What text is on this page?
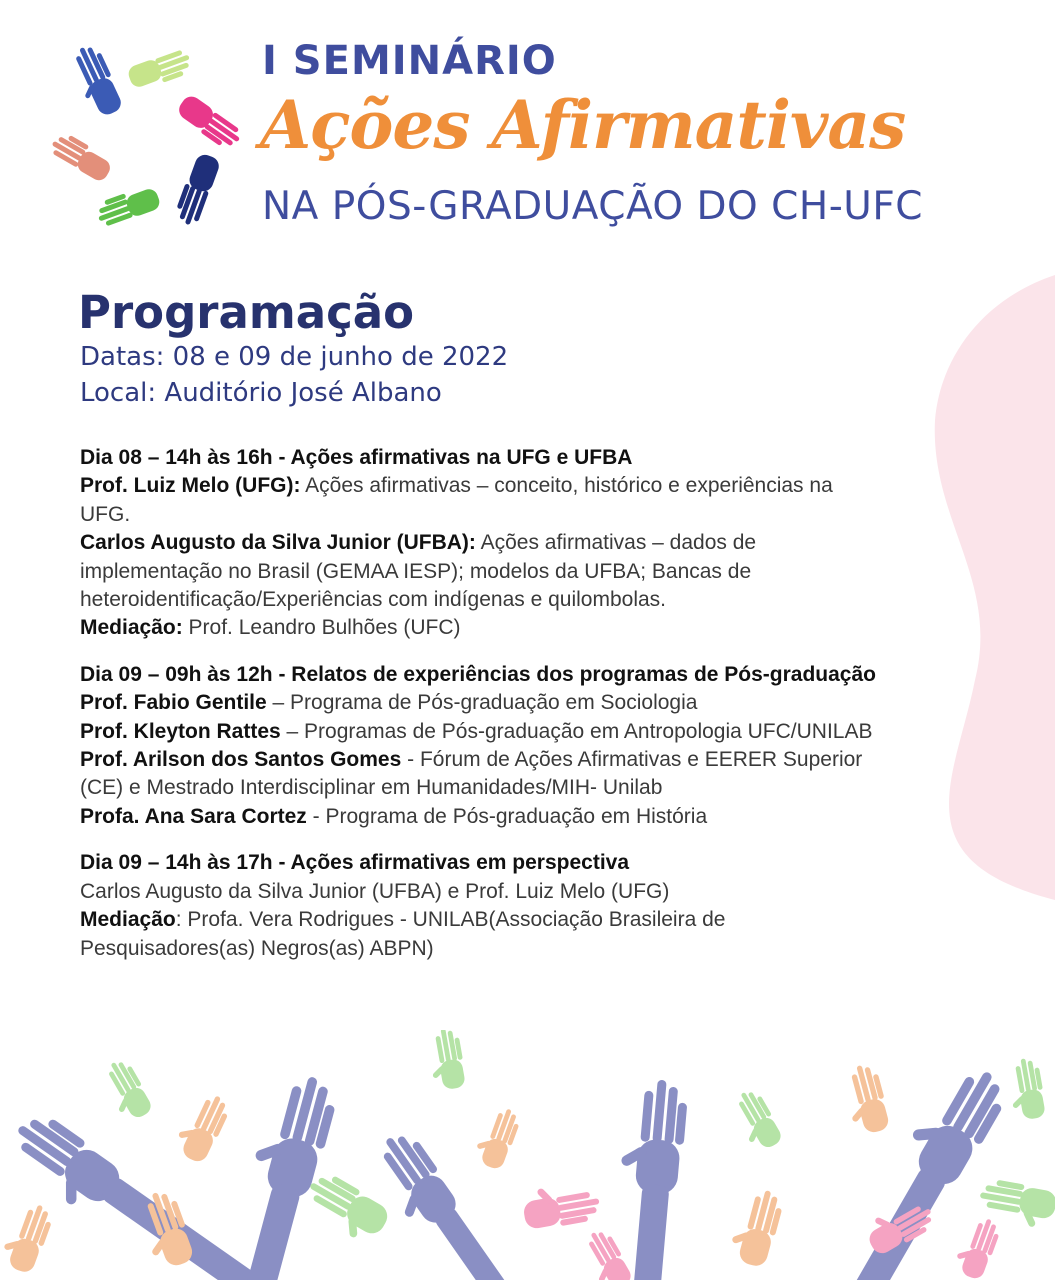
I SEMINÁRIO
Ações Afirmativas
NA PÓS-GRADUAÇÃO DO CH-UFC
Programação
Datas: 08 e 09 de junho de 2022
Local: Auditório José Albano
Dia 08 – 14h às 16h - Ações afirmativas na UFG e UFBA
Prof. Luiz Melo (UFG): Ações afirmativas – conceito, histórico e experiências na UFG.
Carlos Augusto da Silva Junior (UFBA): Ações afirmativas – dados de implementação no Brasil (GEMAA IESP); modelos da UFBA; Bancas de heteroidentificação/Experiências com indígenas e quilombolas.
Mediação: Prof. Leandro Bulhões (UFC)
Dia 09 – 09h às 12h - Relatos de experiências dos programas de Pós-graduação
Prof. Fabio Gentile – Programa de Pós-graduação em Sociologia
Prof. Kleyton Rattes – Programas de Pós-graduação em Antropologia UFC/UNILAB
Prof. Arilson dos Santos Gomes - Fórum de Ações Afirmativas e EERER Superior (CE) e Mestrado Interdisciplinar em Humanidades/MIH- Unilab
Profa. Ana Sara Cortez - Programa de Pós-graduação em História
Dia 09 – 14h às 17h - Ações afirmativas em perspectiva
Carlos Augusto da Silva Junior (UFBA) e Prof. Luiz Melo (UFG)
Mediação: Profa. Vera Rodrigues - UNILAB(Associação Brasileira de Pesquisadores(as) Negros(as) ABPN)
